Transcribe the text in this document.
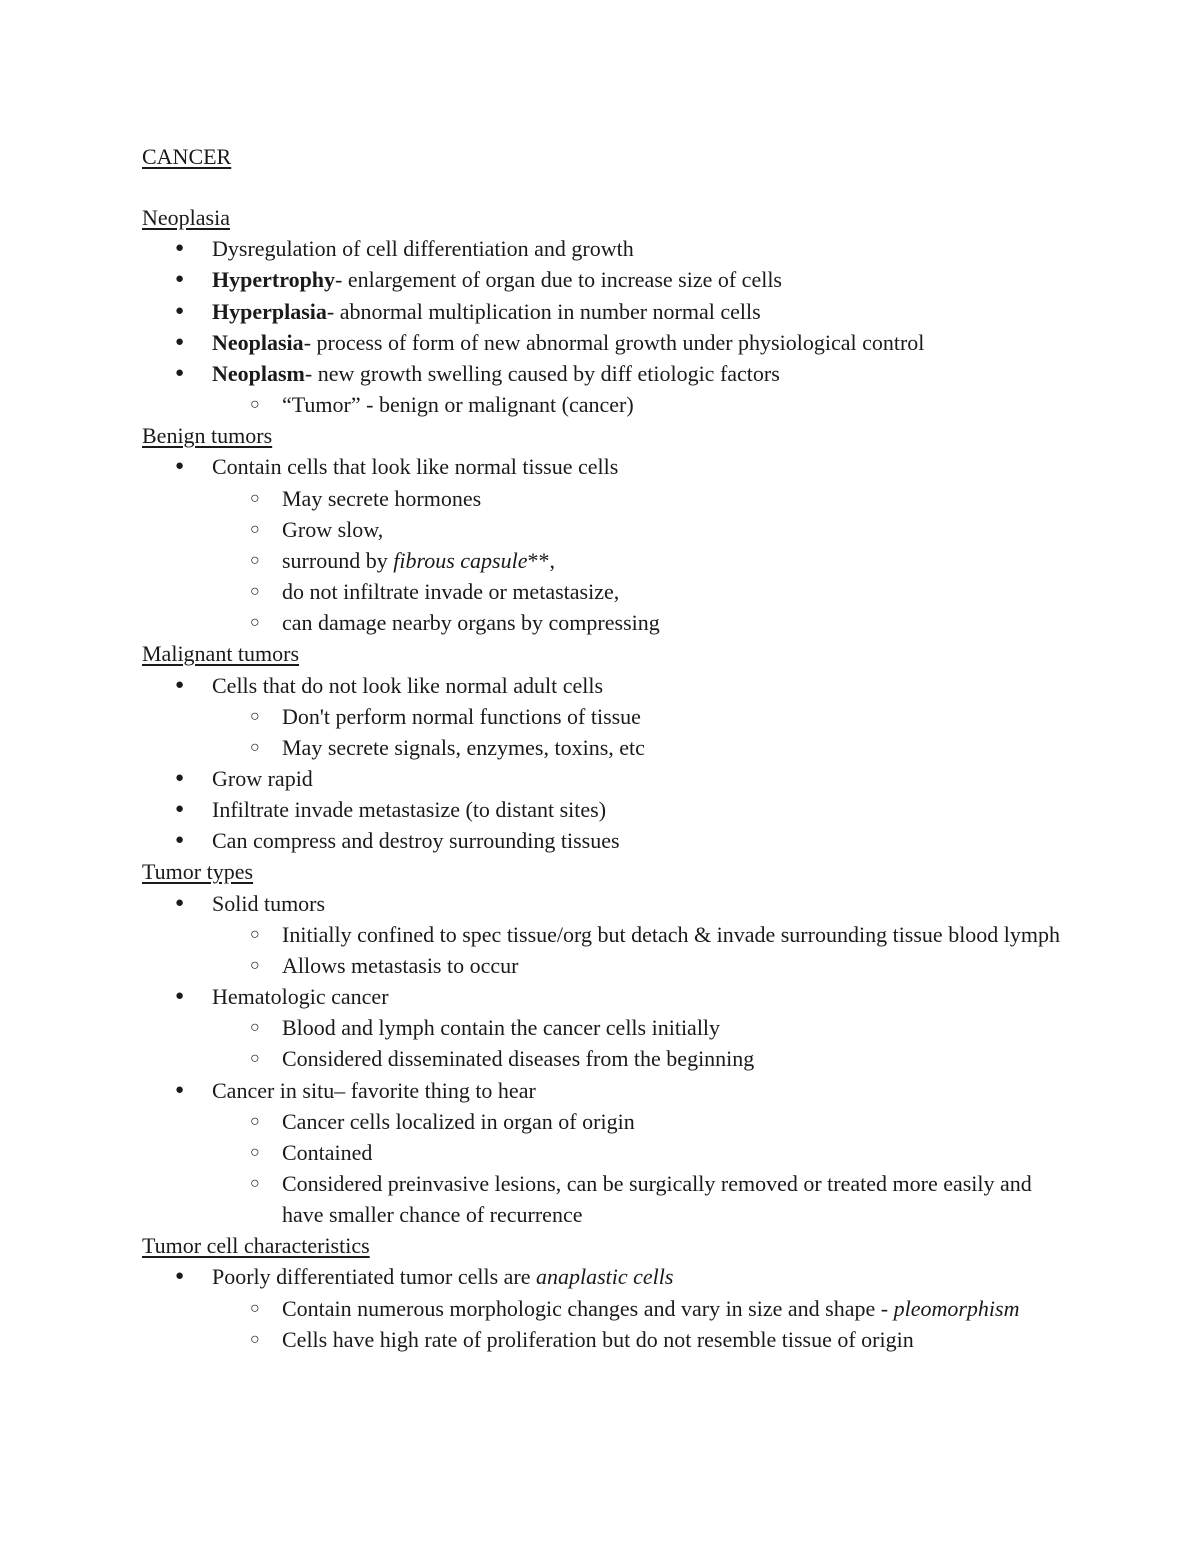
CANCER
Neoplasia
● Dysregulation of cell differentiation and growth
● Hypertrophy- enlargement of organ due to increase size of cells
● Hyperplasia- abnormal multiplication in number normal cells
● Neoplasia- process of form of new abnormal growth under physiological control
● Neoplasm- new growth swelling caused by diff etiologic factors
○ “Tumor” - benign or malignant (cancer)
Benign tumors
● Contain cells that look like normal tissue cells
○ May secrete hormones
○ Grow slow,
○ surround by fibrous capsule**,
○ do not infiltrate invade or metastasize,
○ can damage nearby organs by compressing
Malignant tumors
● Cells that do not look like normal adult cells
○ Don't perform normal functions of tissue
○ May secrete signals, enzymes, toxins, etc
● Grow rapid
● Infiltrate invade metastasize (to distant sites)
● Can compress and destroy surrounding tissues
Tumor types
● Solid tumors
○ Initially confined to spec tissue/org but detach & invade surrounding tissue blood lymph
○ Allows metastasis to occur
● Hematologic cancer
○ Blood and lymph contain the cancer cells initially
○ Considered disseminated diseases from the beginning
● Cancer in situ– favorite thing to hear
○ Cancer cells localized in organ of origin
○ Contained
○ Considered preinvasive lesions, can be surgically removed or treated more easily and have smaller chance of recurrence
Tumor cell characteristics
● Poorly differentiated tumor cells are anaplastic cells
○ Contain numerous morphologic changes and vary in size and shape - pleomorphism
○ Cells have high rate of proliferation but do not resemble tissue of origin
